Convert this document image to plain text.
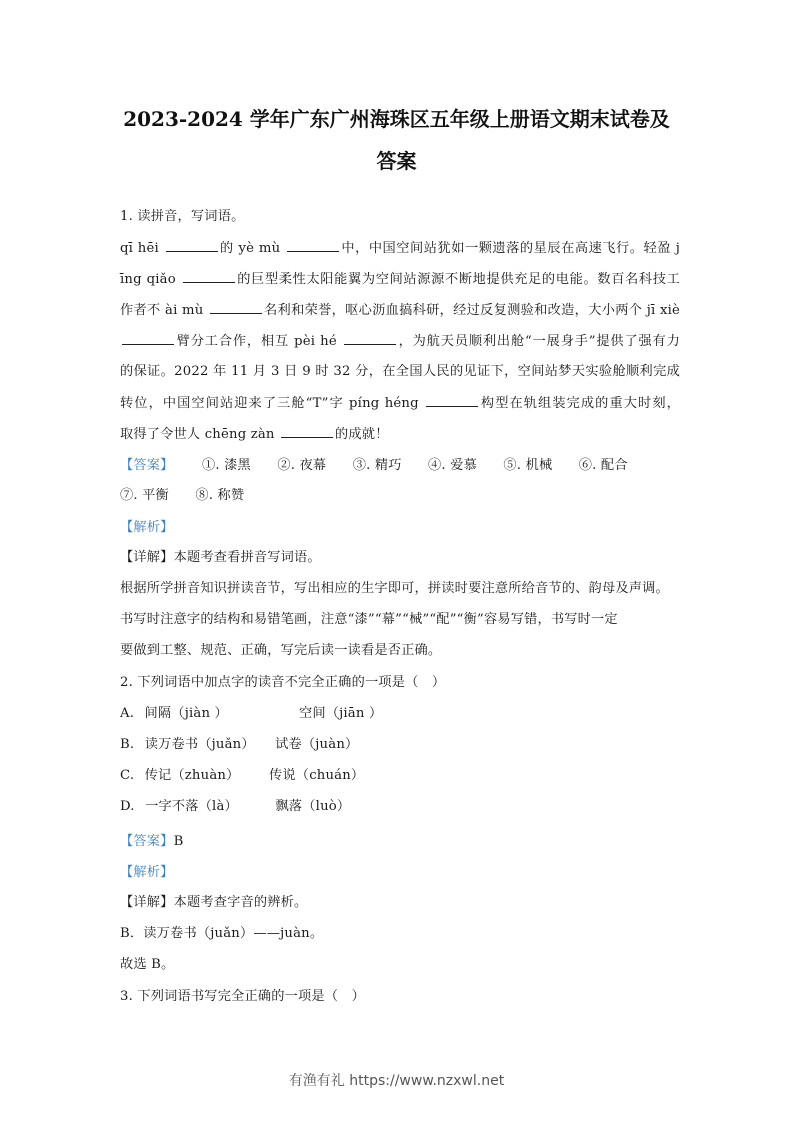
2023-2024 学年广东广州海珠区五年级上册语文期末试卷及
答案
1. 读拼音，写词语。
qī hēi	的 yè mù	中，中国空间站犹如一颗遗落的星辰在高速飞行。轻盈 j
īng qiǎo	的巨型柔性太阳能翼为空间站源源不断地提供充足的电能。数百名科技工
作者不 ài mù	名利和荣誉，呕心沥血搞科研，经过反复测验和改造，大小两个 jī xiè
臂分工合作，相互 pèi hé	，为航天员顺利出舱“一展身手”提供了强有力
的保证。2022 年 11 月 3 日 9 时 32 分，在全国人民的见证下，空间站梦天实验舱顺利完成
转位，中国空间站迎来了三舱“T”字 píng héng	构型在轨组装完成的重大时刻，
取得了令世人 chēng zàn	的成就！
【答案】 ①. 漆黑 ②. 夜幕 ③. 精巧 ④. 爱慕 ⑤. 机械 ⑥. 配合
⑦. 平衡 ⑧. 称赞
【解析】
【详解】本题考查看拼音写词语。
根据所学拼音知识拼读音节，写出相应的生字即可，拼读时要注意所给音节的、韵母及声调。
书写时注意字的结构和易错笔画，注意“漆”“幕”“械”“配”“衡”容易写错，书写时一定
要做到工整、规范、正确，写完后读一读看是否正确。
2. 下列词语中加点字的读音不完全正确的一项是（　）
A. 间隔（jiàn ）	空间（jiān ）
B. 读万卷书（juǎn） 试卷（juàn）
C. 传记（zhuàn） 传说（chuán）
D. 一字不落（là）	飘落（luò）
【答案】B
【解析】
【详解】本题考查字音的辨析。
B．读万卷书（juǎn）——juàn。
故选 B。
3. 下列词语书写完全正确的一项是（　）
有渔有礼 https://www.nzxwl.net
